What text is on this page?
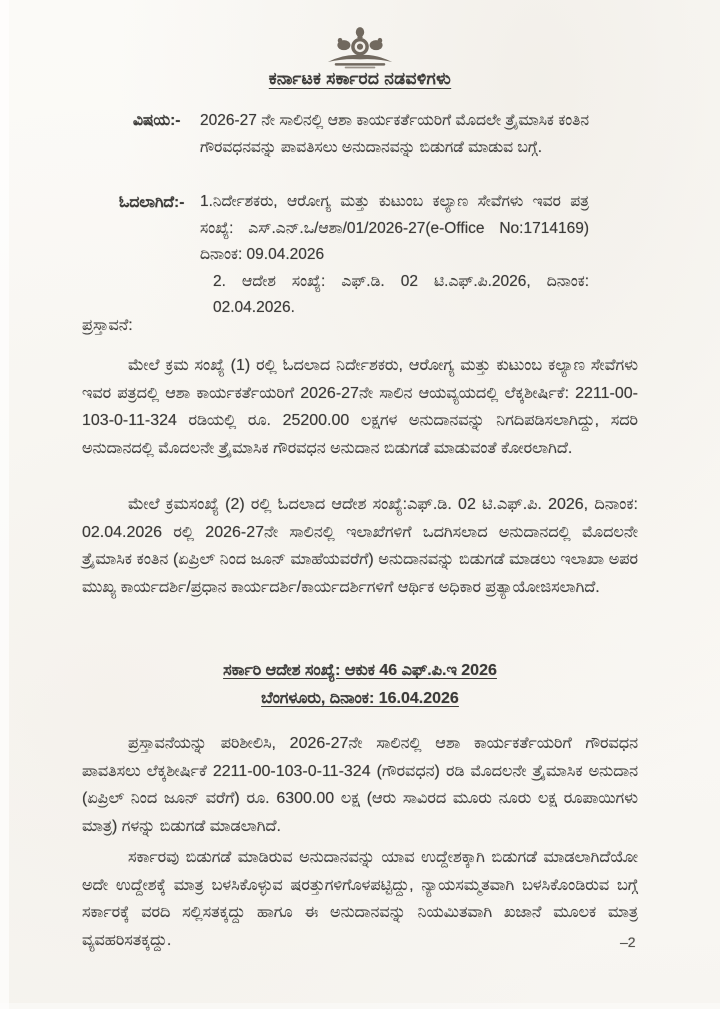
ಕರ್ನಾಟಕ ಸರ್ಕಾರದ ನಡವಳಿಗಳು
ವಿಷಯ:-	2026-27 ನೇ ಸಾಲಿನಲ್ಲಿ ಆಶಾ ಕಾರ್ಯಕರ್ತೆಯರಿಗೆ ಮೊದಲೇ ತ್ರೈಮಾಸಿಕ ಕಂತಿನ ಗೌರವಧನವನ್ನು ಪಾವತಿಸಲು ಅನುದಾನವನ್ನು ಬಿಡುಗಡೆ ಮಾಡುವ ಬಗ್ಗೆ.
ಓದಲಾಗಿದೆ:-	1.ನಿರ್ದೇಶಕರು, ಆರೋಗ್ಯ ಮತ್ತು ಕುಟುಂಬ ಕಲ್ಯಾಣ ಸೇವೆಗಳು ಇವರ ಪತ್ರ ಸಂಖ್ಯೆ: ಎಸ್.ಎನ್.ಒ/ಆಶಾ/01/2026-27(e-Office No:1714169) ದಿನಾಂಕ: 09.04.2026
2. ಆದೇಶ ಸಂಖ್ಯೆ: ಎಫ್.ಡಿ. 02 ಟಿ.ಎಫ್.ಪಿ.2026, ದಿನಾಂಕ: 02.04.2026.
ಪ್ರಸ್ತಾವನೆ:
ಮೇಲೆ ಕ್ರಮ ಸಂಖ್ಯೆ (1) ರಲ್ಲಿ ಓದಲಾದ ನಿರ್ದೇಶಕರು, ಆರೋಗ್ಯ ಮತ್ತು ಕುಟುಂಬ ಕಲ್ಯಾಣ ಸೇವೆಗಳು ಇವರ ಪತ್ರದಲ್ಲಿ ಆಶಾ ಕಾರ್ಯಕರ್ತೆಯರಿಗೆ 2026-27ನೇ ಸಾಲಿನ ಆಯವ್ಯಯದಲ್ಲಿ ಲೆಕ್ಕಶೀರ್ಷಿಕೆ: 2211-00-103-0-11-324 ರಡಿಯಲ್ಲಿ ರೂ. 25200.00 ಲಕ್ಷಗಳ ಅನುದಾನವನ್ನು ನಿಗದಿಪಡಿಸಲಾಗಿದ್ದು, ಸದರಿ ಅನುದಾನದಲ್ಲಿ ಮೊದಲನೇ ತ್ರೈಮಾಸಿಕ ಗೌರವಧನ ಅನುದಾನ ಬಿಡುಗಡೆ ಮಾಡುವಂತೆ ಕೋರಲಾಗಿದೆ.
ಮೇಲೆ ಕ್ರಮಸಂಖ್ಯೆ (2) ರಲ್ಲಿ ಓದಲಾದ ಆದೇಶ ಸಂಖ್ಯೆ:ಎಫ್.ಡಿ. 02 ಟಿ.ಎಫ್.ಪಿ. 2026, ದಿನಾಂಕ: 02.04.2026 ರಲ್ಲಿ 2026-27ನೇ ಸಾಲಿನಲ್ಲಿ ಇಲಾಖೆಗಳಿಗೆ ಒದಗಿಸಲಾದ ಅನುದಾನದಲ್ಲಿ ಮೊದಲನೇ ತ್ರೈಮಾಸಿಕ ಕಂತಿನ (ಏಪ್ರಿಲ್ ನಿಂದ ಜೂನ್ ಮಾಹೆಯವರೆಗೆ) ಅನುದಾನವನ್ನು ಬಿಡುಗಡೆ ಮಾಡಲು ಇಲಾಖಾ ಅಪರ ಮುಖ್ಯ ಕಾರ್ಯದರ್ಶಿ/ಪ್ರಧಾನ ಕಾರ್ಯದರ್ಶಿ/ಕಾರ್ಯದರ್ಶಿಗಳಿಗೆ ಆರ್ಥಿಕ ಅಧಿಕಾರ ಪ್ರತ್ಯಾಯೋಜಿಸಲಾಗಿದೆ.
ಸರ್ಕಾರಿ ಆದೇಶ ಸಂಖ್ಯೆ: ಆಕುಕ 46 ಎಫ್.ಪಿ.ಇ 2026
ಬೆಂಗಳೂರು, ದಿನಾಂಕ: 16.04.2026
ಪ್ರಸ್ತಾವನೆಯನ್ನು ಪರಿಶೀಲಿಸಿ, 2026-27ನೇ ಸಾಲಿನಲ್ಲಿ ಆಶಾ ಕಾರ್ಯಕರ್ತೆಯರಿಗೆ ಗೌರವಧನ ಪಾವತಿಸಲು ಲೆಕ್ಕಶೀರ್ಷಿಕೆ 2211-00-103-0-11-324 (ಗೌರವಧನ) ರಡಿ ಮೊದಲನೇ ತ್ರೈಮಾಸಿಕ ಅನುದಾನ (ಏಪ್ರಿಲ್ ನಿಂದ ಜೂನ್ ವರೆಗೆ) ರೂ. 6300.00 ಲಕ್ಷ (ಆರು ಸಾವಿರದ ಮೂರು ನೂರು ಲಕ್ಷ ರೂಪಾಯಿಗಳು ಮಾತ್ರ) ಗಳನ್ನು ಬಿಡುಗಡೆ ಮಾಡಲಾಗಿದೆ.
ಸರ್ಕಾರವು ಬಿಡುಗಡೆ ಮಾಡಿರುವ ಅನುದಾನವನ್ನು ಯಾವ ಉದ್ದೇಶಕ್ಕಾಗಿ ಬಿಡುಗಡೆ ಮಾಡಲಾಗಿದೆಯೋ ಅದೇ ಉದ್ದೇಶಕ್ಕೆ ಮಾತ್ರ ಬಳಸಿಕೊಳ್ಳುವ ಷರತ್ತುಗಳಿಗೊಳಪಟ್ಟಿದ್ದು, ನ್ಯಾಯಸಮ್ಮತವಾಗಿ ಬಳಸಿಕೊಂಡಿರುವ ಬಗ್ಗೆ ಸರ್ಕಾರಕ್ಕೆ ವರದಿ ಸಲ್ಲಿಸತಕ್ಕದ್ದು ಹಾಗೂ ಈ ಅನುದಾನವನ್ನು ನಿಯಮಿತವಾಗಿ ಖಜಾನೆ ಮೂಲಕ ಮಾತ್ರ ವ್ಯವಹರಿಸತಕ್ಕದ್ದು.	–2
